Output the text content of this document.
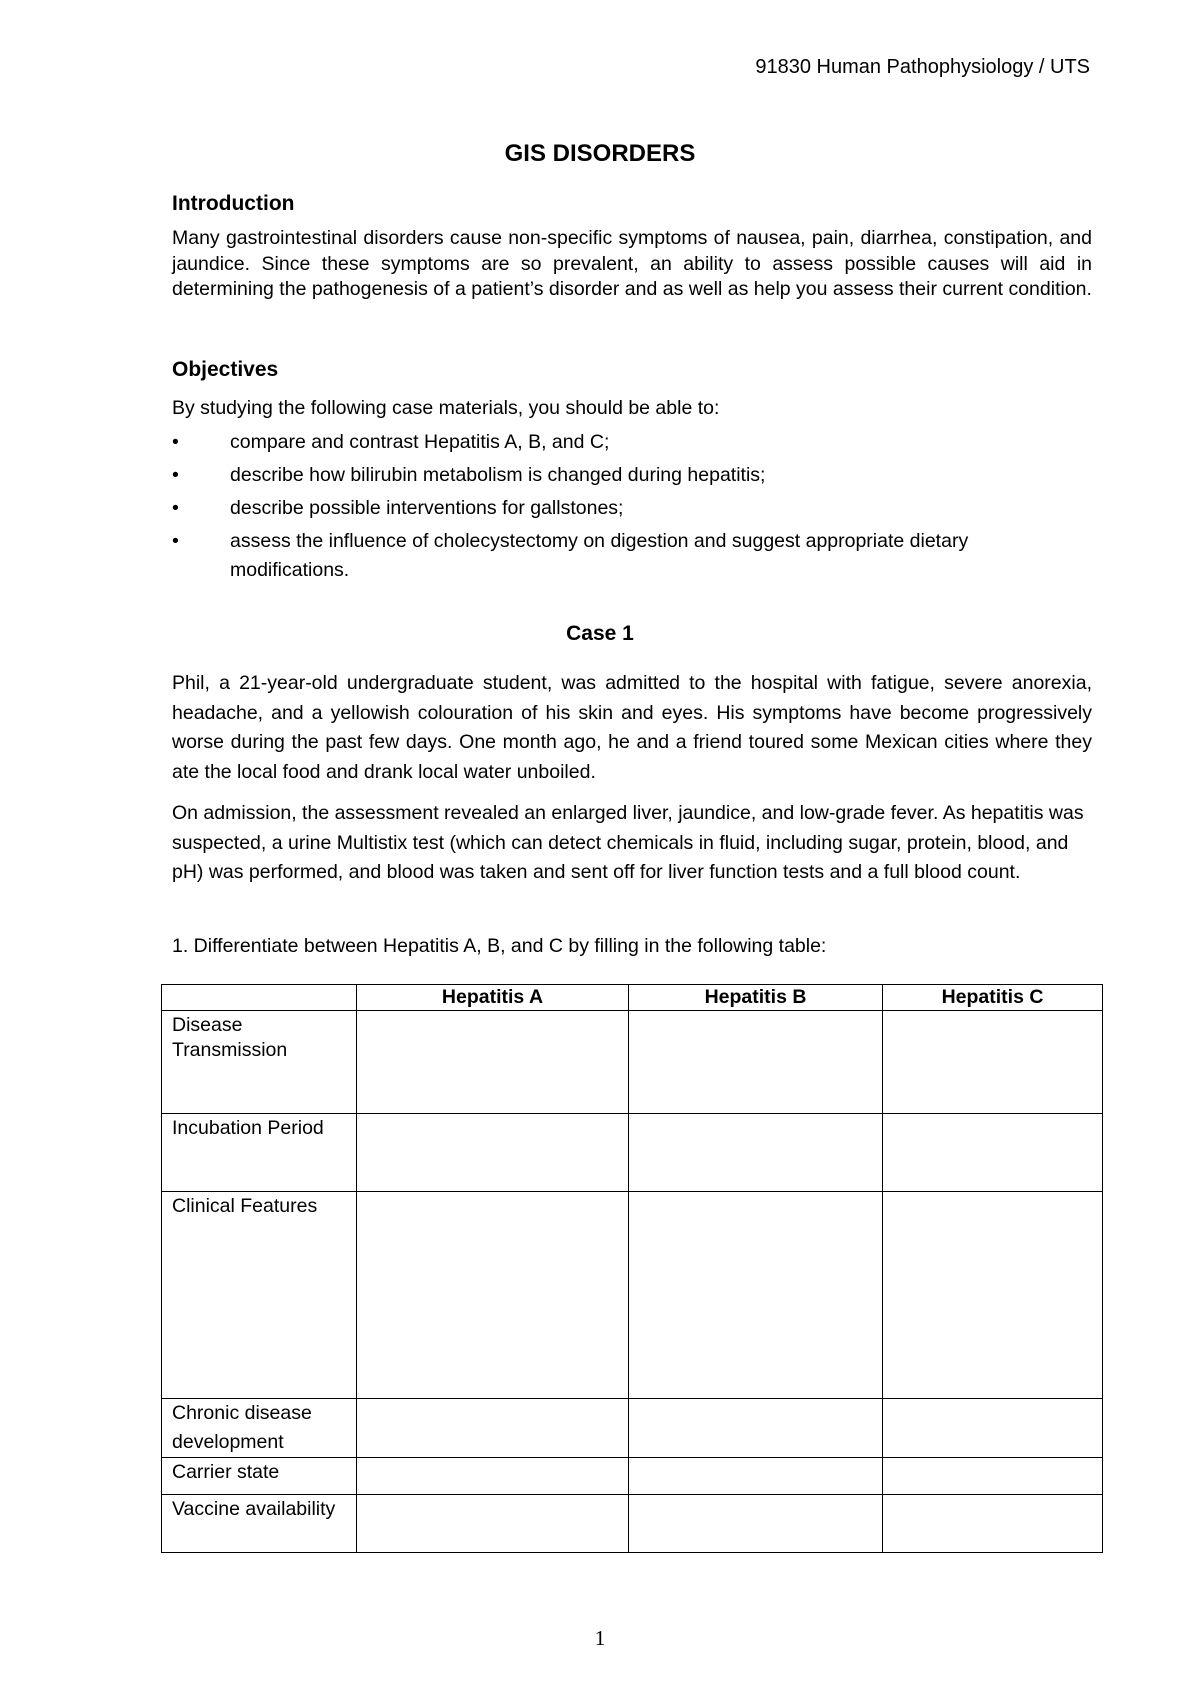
91830 Human Pathophysiology / UTS
GIS DISORDERS
Introduction
Many gastrointestinal disorders cause non-specific symptoms of nausea, pain, diarrhea, constipation, and jaundice. Since these symptoms are so prevalent, an ability to assess possible causes will aid in determining the pathogenesis of a patient’s disorder and as well as help you assess their current condition.
Objectives
By studying the following case materials, you should be able to:
•	compare and contrast Hepatitis A, B, and C;
•	describe how bilirubin metabolism is changed during hepatitis;
•	describe possible interventions for gallstones;
•	assess the influence of cholecystectomy on digestion and suggest appropriate dietary modifications.
Case 1
Phil, a 21-year-old undergraduate student, was admitted to the hospital with fatigue, severe anorexia, headache, and a yellowish colouration of his skin and eyes. His symptoms have become progressively worse during the past few days. One month ago, he and a friend toured some Mexican cities where they ate the local food and drank local water unboiled.
On admission, the assessment revealed an enlarged liver, jaundice, and low-grade fever. As hepatitis was suspected, a urine Multistix test (which can detect chemicals in fluid, including sugar, protein, blood, and pH) was performed, and blood was taken and sent off for liver function tests and a full blood count.
1. Differentiate between Hepatitis A, B, and C by filling in the following table:
	Hepatitis A	Hepatitis B	Hepatitis C
Disease Transmission			
Incubation Period			
Clinical Features			
Chronic disease development			
Carrier state			
Vaccine availability			
1
